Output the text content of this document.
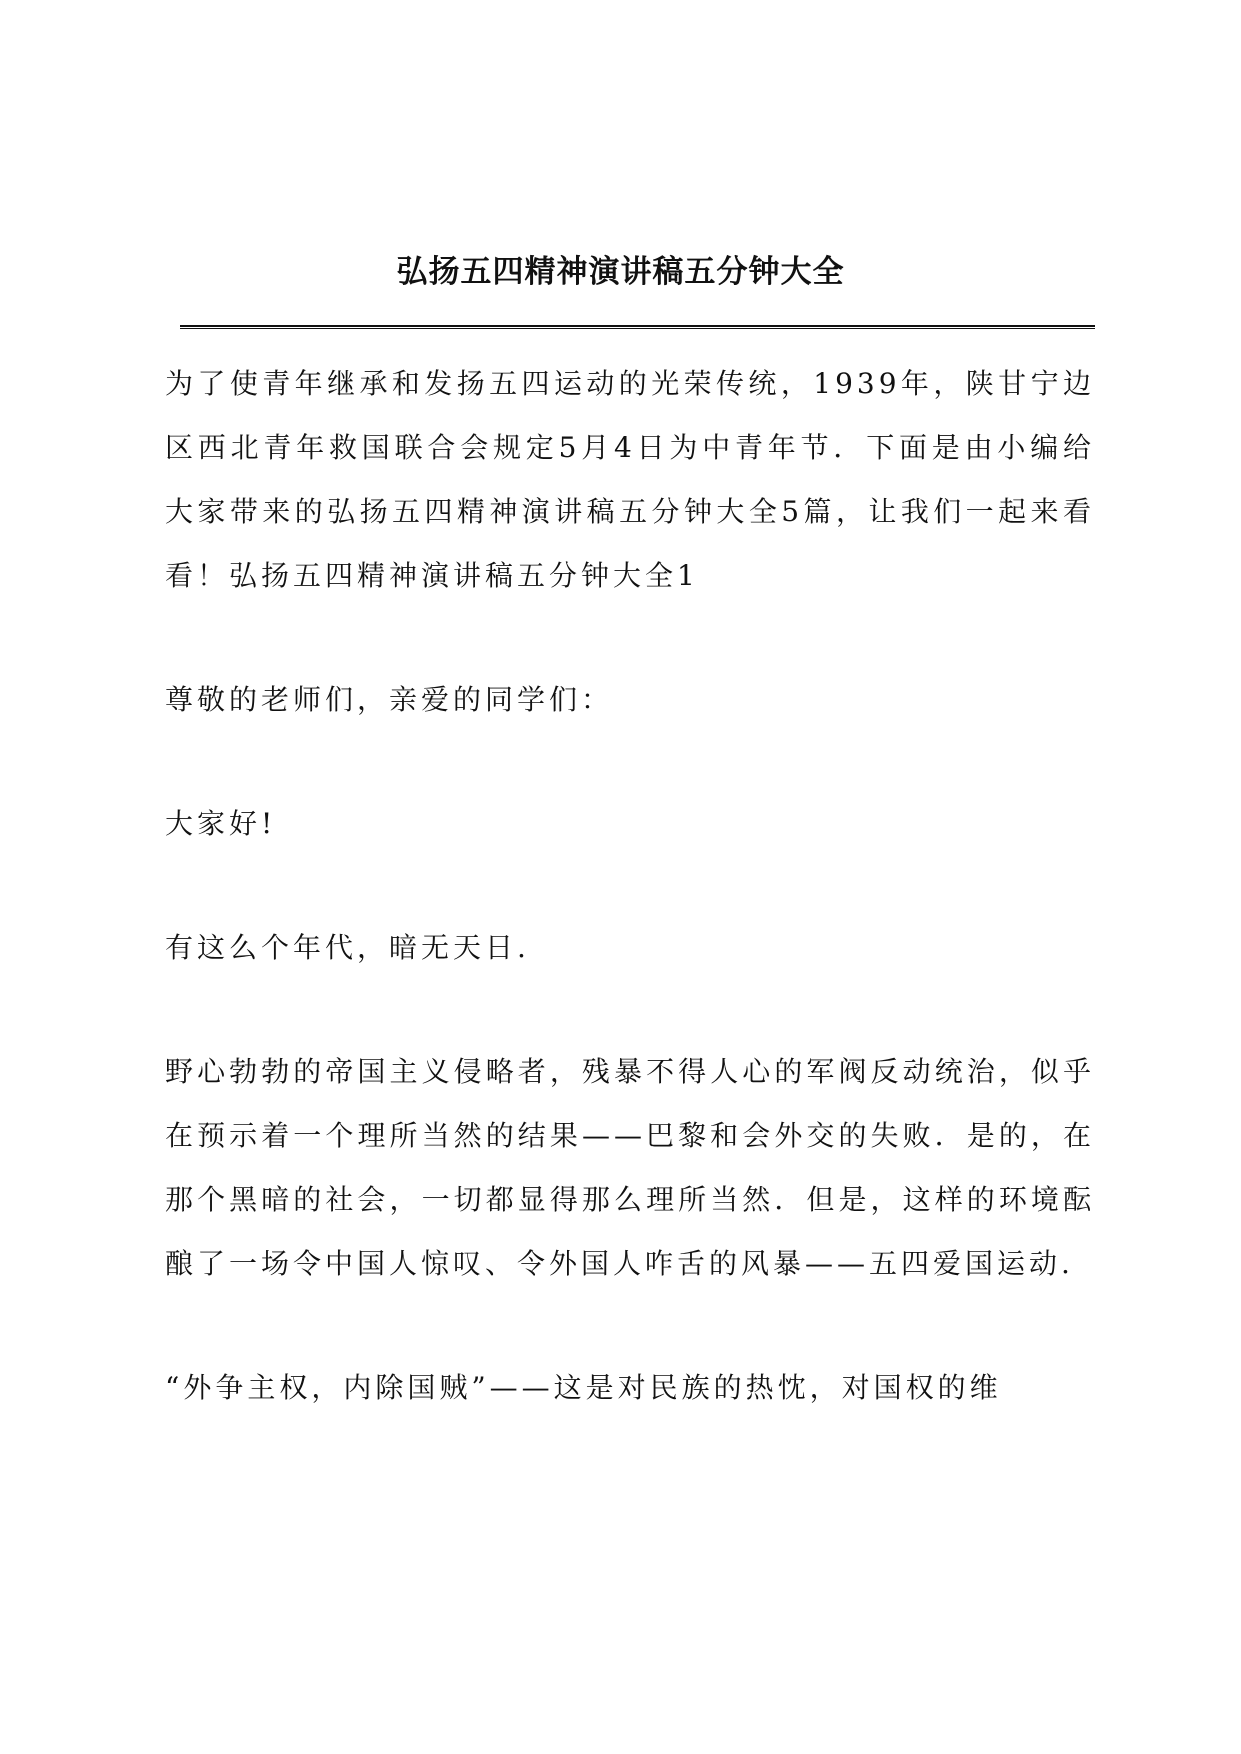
弘扬五四精神演讲稿五分钟大全

为了使青年继承和发扬五四运动的光荣传统，1939年，陕甘宁边区西北青年救国联合会规定5月4日为中青年节．下面是由小编给大家带来的弘扬五四精神演讲稿五分钟大全5篇，让我们一起来看看！弘扬五四精神演讲稿五分钟大全1

尊敬的老师们，亲爱的同学们：

大家好!

有这么个年代，暗无天日.

野心勃勃的帝国主义侵略者，残暴不得人心的军阀反动统治，似乎在预示着一个理所当然的结果——巴黎和会外交的失败．是的，在那个黑暗的社会，一切都显得那么理所当然．但是，这样的环境酝酿了一场令中国人惊叹、令外国人咋舌的风暴——五四爱国运动.

“外争主权，内除国贼”——这是对民族的热忱，对国权的维
